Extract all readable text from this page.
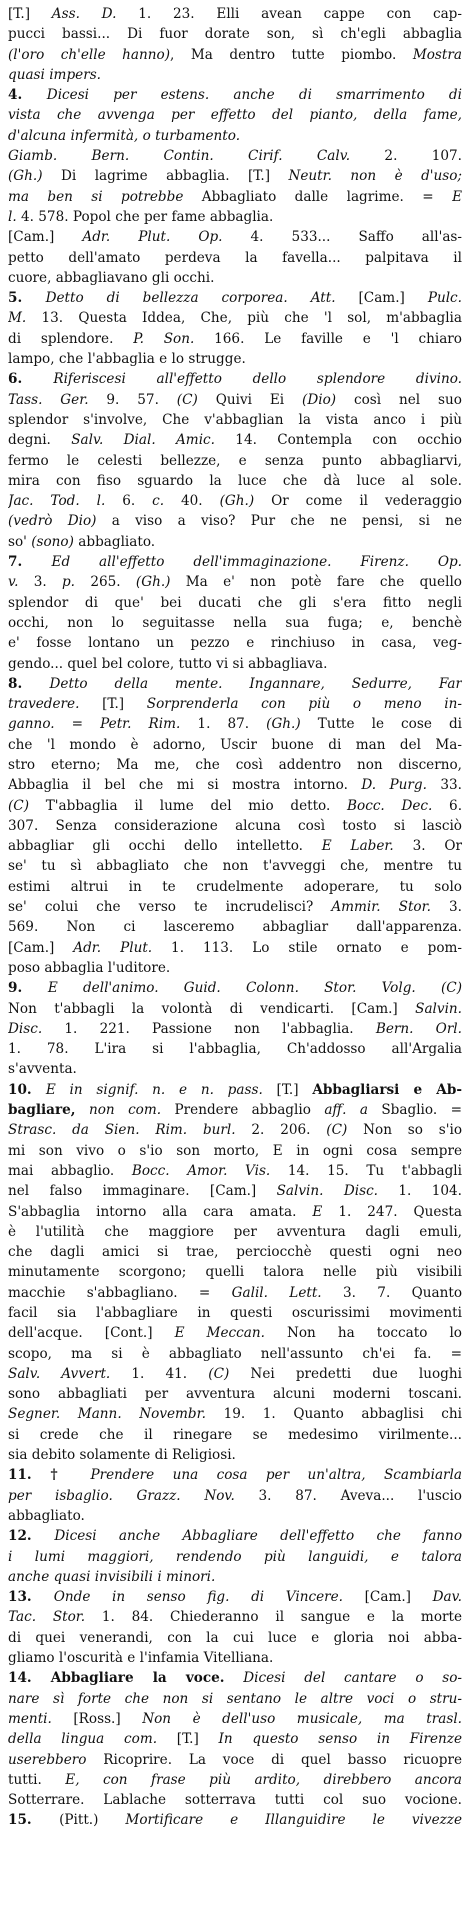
[T.] Ass. D. 1. 23. Elli avean cappe con cap-
pucci bassi... Di fuor dorate son, sì ch'egli abbaglia
(l'oro ch'elle hanno), Ma dentro tutte piombo. Mostra
quasi impers.
4. Dicesi per estens. anche di smarrimento di
vista che avvenga per effetto del pianto, della fame,
d'alcuna infermità, o turbamento.
Giamb. Bern. Contin. Cirif. Calv. 2. 107.
(Gh.) Di lagrime abbaglia. [T.] Neutr. non è d'uso;
ma ben si potrebbe Abbagliato dalle lagrime. = E
l. 4. 578. Popol che per fame abbaglia.
[Cam.] Adr. Plut. Op. 4. 533... Saffo all'as-
petto dell'amato perdeva la favella... palpitava il
cuore, abbagliavano gli occhi.
5. Detto di bellezza corporea. Att. [Cam.] Pulc.
M. 13. Questa Iddea, Che, più che 'l sol, m'abbaglia
di splendore. P. Son. 166. Le faville e 'l chiaro
lampo, che l'abbaglia e lo strugge.
6. Riferiscesi all'effetto dello splendore divino.
Tass. Ger. 9. 57. (C) Quivi Ei (Dio) così nel suo
splendor s'involve, Che v'abbaglian la vista anco i più
degni. Salv. Dial. Amic. 14. Contempla con occhio
fermo le celesti bellezze, e senza punto abbagliarvi,
mira con fiso sguardo la luce che dà luce al sole.
Jac. Tod. l. 6. c. 40. (Gh.) Or come il vederaggio
(vedrò Dio) a viso a viso? Pur che ne pensi, si ne
so' (sono) abbagliato.
7. Ed all'effetto dell'immaginazione. Firenz. Op.
v. 3. p. 265. (Gh.) Ma e' non potè fare che quello
splendor di que' bei ducati che gli s'era fitto negli
occhi, non lo seguitasse nella sua fuga; e, benchè
e' fosse lontano un pezzo e rinchiuso in casa, veg-
gendo... quel bel colore, tutto vi si abbagliava.
8. Detto della mente. Ingannare, Sedurre, Far
travedere. [T.] Sorprenderla con più o meno in-
ganno. = Petr. Rim. 1. 87. (Gh.) Tutte le cose di
che 'l mondo è adorno, Uscir buone di man del Ma-
stro eterno; Ma me, che così addentro non discerno,
Abbaglia il bel che mi si mostra intorno. D. Purg. 33.
(C) T'abbaglia il lume del mio detto. Bocc. Dec. 6.
307. Senza considerazione alcuna così tosto si lasciò
abbagliar gli occhi dello intelletto. E Laber. 3. Or
se' tu sì abbagliato che non t'avveggi che, mentre tu
estimi altrui in te crudelmente adoperare, tu solo
se' colui che verso te incrudelisci? Ammir. Stor. 3.
569. Non ci lasceremo abbagliar dall'apparenza.
[Cam.] Adr. Plut. 1. 113. Lo stile ornato e pom-
poso abbaglia l'uditore.
9. E dell'animo. Guid. Colonn. Stor. Volg. (C)
Non t'abbagli la volontà di vendicarti. [Cam.] Salvin.
Disc. 1. 221. Passione non l'abbaglia. Bern. Orl.
1. 78. L'ira si l'abbaglia, Ch'addosso all'Argalia
s'avventa.
10. E in signif. n. e n. pass. [T.] Abbagliarsi e Ab-
bagliare, non com. Prendere abbaglio aff. a Sbaglio. =
Strasc. da Sien. Rim. burl. 2. 206. (C) Non so s'io
mi son vivo o s'io son morto, E in ogni cosa sempre
mai abbaglio. Bocc. Amor. Vis. 14. 15. Tu t'abbagli
nel falso immaginare. [Cam.] Salvin. Disc. 1. 104.
S'abbaglia intorno alla cara amata. E 1. 247. Questa
è l'utilità che maggiore per avventura dagli emuli,
che dagli amici si trae, perciocchè questi ogni neo
minutamente scorgono; quelli talora nelle più visibili
macchie s'abbagliano. = Galil. Lett. 3. 7. Quanto
facil sia l'abbagliare in questi oscurissimi movimenti
dell'acque. [Cont.] E Meccan. Non ha toccato lo
scopo, ma si è abbagliato nell'assunto ch'ei fa. =
Salv. Avvert. 1. 41. (C) Nei predetti due luoghi
sono abbagliati per avventura alcuni moderni toscani.
Segner. Mann. Novembr. 19. 1. Quanto abbaglisi chi
si crede che il rinegare se medesimo virilmente...
sia debito solamente di Religiosi.
11. † Prendere una cosa per un'altra, Scambiarla
per isbaglio. Grazz. Nov. 3. 87. Aveva... l'uscio
abbagliato.
12. Dicesi anche Abbagliare dell'effetto che fanno
i lumi maggiori, rendendo più languidi, e talora
anche quasi invisibili i minori.
13. Onde in senso fig. di Vincere. [Cam.] Dav.
Tac. Stor. 1. 84. Chiederanno il sangue e la morte
di quei venerandi, con la cui luce e gloria noi abba-
gliamo l'oscurità e l'infamia Vitelliana.
14. Abbagliare la voce. Dicesi del cantare o so-
nare sì forte che non si sentano le altre voci o stru-
menti. [Ross.] Non è dell'uso musicale, ma trasl.
della lingua com. [T.] In questo senso in Firenze
userebbero Ricoprire. La voce di quel basso ricuopre
tutti. E, con frase più ardito, direbbero ancora
Sotterrare. Lablache sotterrava tutti col suo vocione.
15. (Pitt.) Mortificare e Illanguidire le vivezze
